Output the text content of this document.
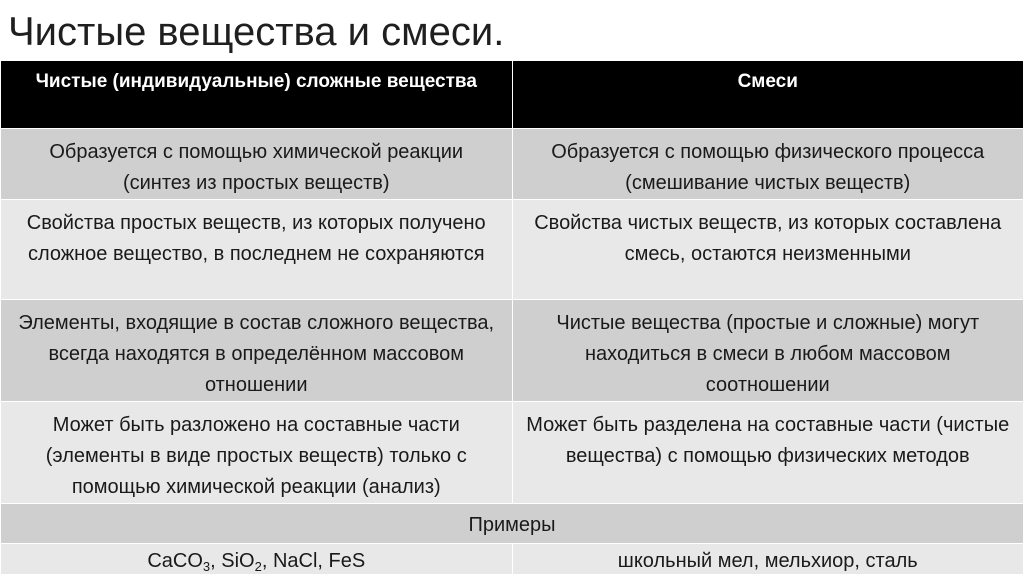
Чистые вещества и смеси.
Чистые (индивидуальные) сложные вещества	Смеси
Образуется с помощью химической реакции (синтез из простых веществ)	Образуется с помощью физического процесса (смешивание чистых веществ)
Свойства простых веществ, из которых получено сложное вещество, в последнем не сохраняются	Свойства чистых веществ, из которых составлена смесь, остаются неизменными
Элементы, входящие в состав сложного вещества, всегда находятся в определённом массовом отношении	Чистые вещества (простые и сложные) могут находиться в смеси в любом массовом соотношении
Может быть разложено на составные части (элементы в виде простых веществ) только с помощью химической реакции (анализ)	Может быть разделена на составные части (чистые вещества) с помощью физических методов
Примеры	
CaCO$_3$, SiO$_2$, NaCl, FeS	школьный мел, мельхиор, сталь
